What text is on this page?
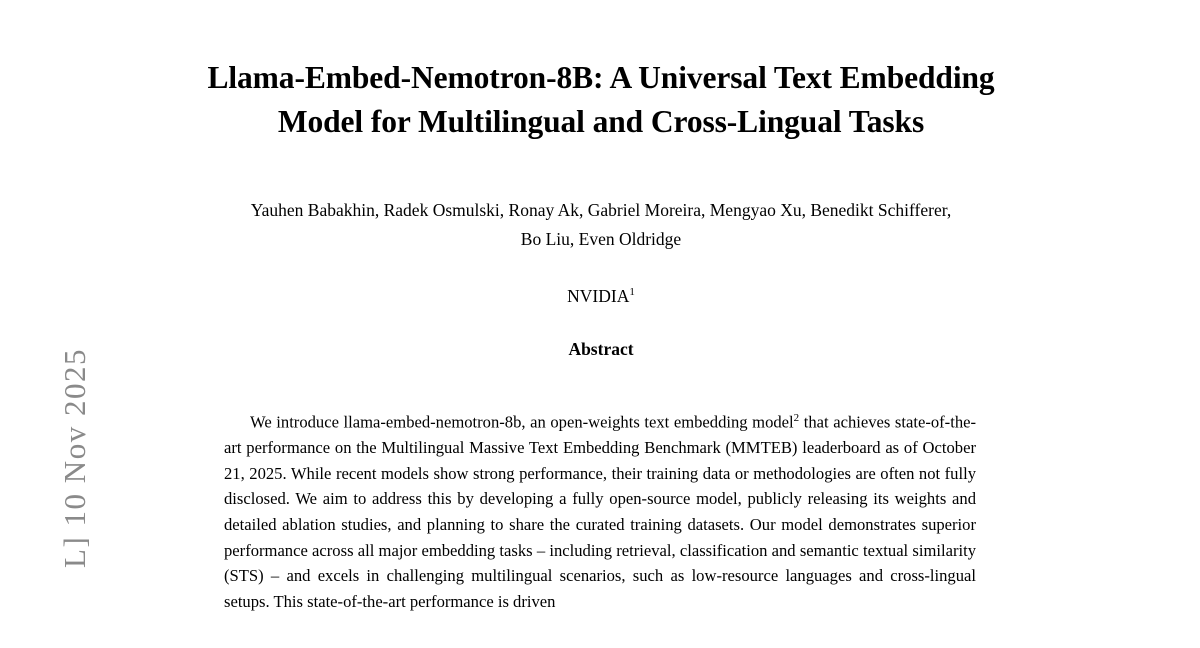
L] 10 Nov 2025
Llama-Embed-Nemotron-8B: A Universal Text Embedding Model for Multilingual and Cross-Lingual Tasks
Yauhen Babakhin, Radek Osmulski, Ronay Ak, Gabriel Moreira, Mengyao Xu, Benedikt Schifferer, Bo Liu, Even Oldridge
NVIDIA$^1$
Abstract
We introduce llama-embed-nemotron-8b, an open-weights text embedding model$^2$ that achieves state-of-the-art performance on the Multilingual Massive Text Embedding Benchmark (MMTEB) leaderboard as of October 21, 2025. While recent models show strong performance, their training data or methodologies are often not fully disclosed. We aim to address this by developing a fully open-source model, publicly releasing its weights and detailed ablation studies, and planning to share the curated training datasets. Our model demonstrates superior performance across all major embedding tasks – including retrieval, classification and semantic textual similarity (STS) – and excels in challenging multilingual scenarios, such as low-resource languages and cross-lingual setups. This state-of-the-art performance is driven
